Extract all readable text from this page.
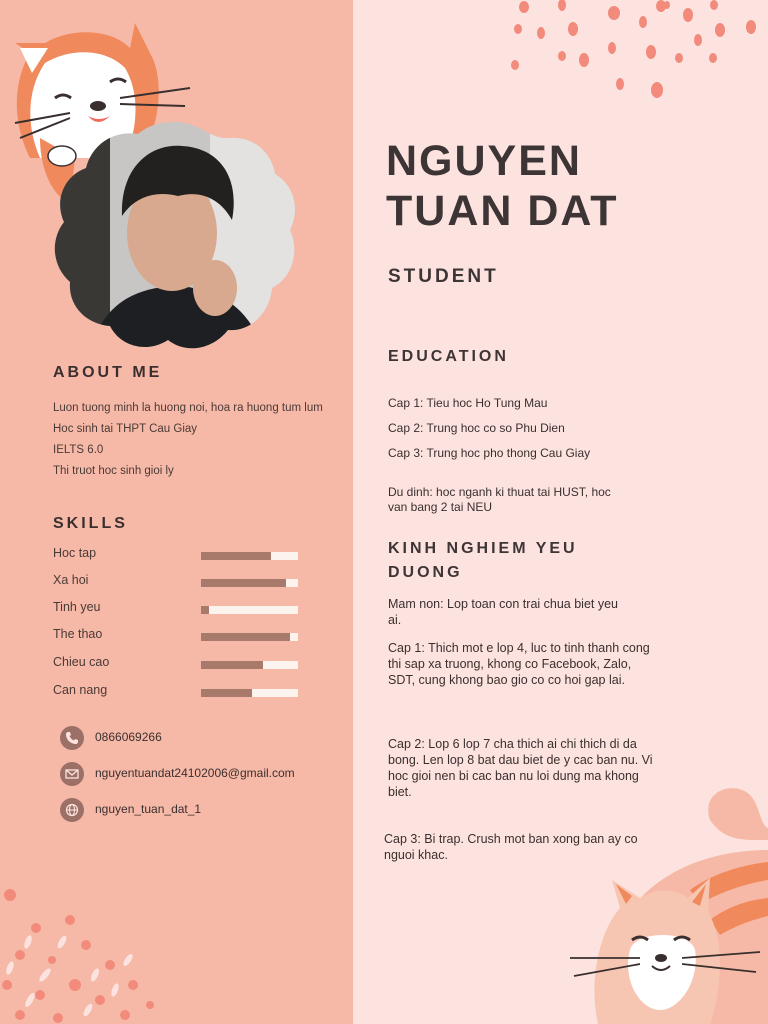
ABOUT ME
Luon tuong minh la huong noi, hoa ra huong tum lum
Hoc sinh tai THPT Cau Giay
IELTS 6.0
Thi truot hoc sinh gioi ly
SKILLS
Hoc tap
Xa hoi
Tinh yeu
The thao
Chieu cao
Can nang
0866069266
nguyentuandat24102006@gmail.com
nguyen_tuan_dat_1
NGUYEN
TUAN DAT
STUDENT
EDUCATION
Cap 1: Tieu hoc Ho Tung Mau
Cap 2: Trung hoc co so Phu Dien
Cap 3: Trung hoc pho thong Cau Giay
Du dinh: hoc nganh ki thuat tai HUST, hoc van bang 2 tai NEU
KINH NGHIEM YEU DUONG
Mam non: Lop toan con trai chua biet yeu ai.
Cap 1: Thich mot e lop 4, luc to tinh thanh cong thi sap xa truong, khong co Facebook, Zalo, SDT, cung khong bao gio co co hoi gap lai.
Cap 2: Lop 6 lop 7 cha thich ai chi thich di da bong. Len lop 8 bat dau biet de y cac ban nu. Vi hoc gioi nen bi cac ban nu loi dung ma khong biet.
Cap 3: Bi trap. Crush mot ban xong ban ay co nguoi khac.
